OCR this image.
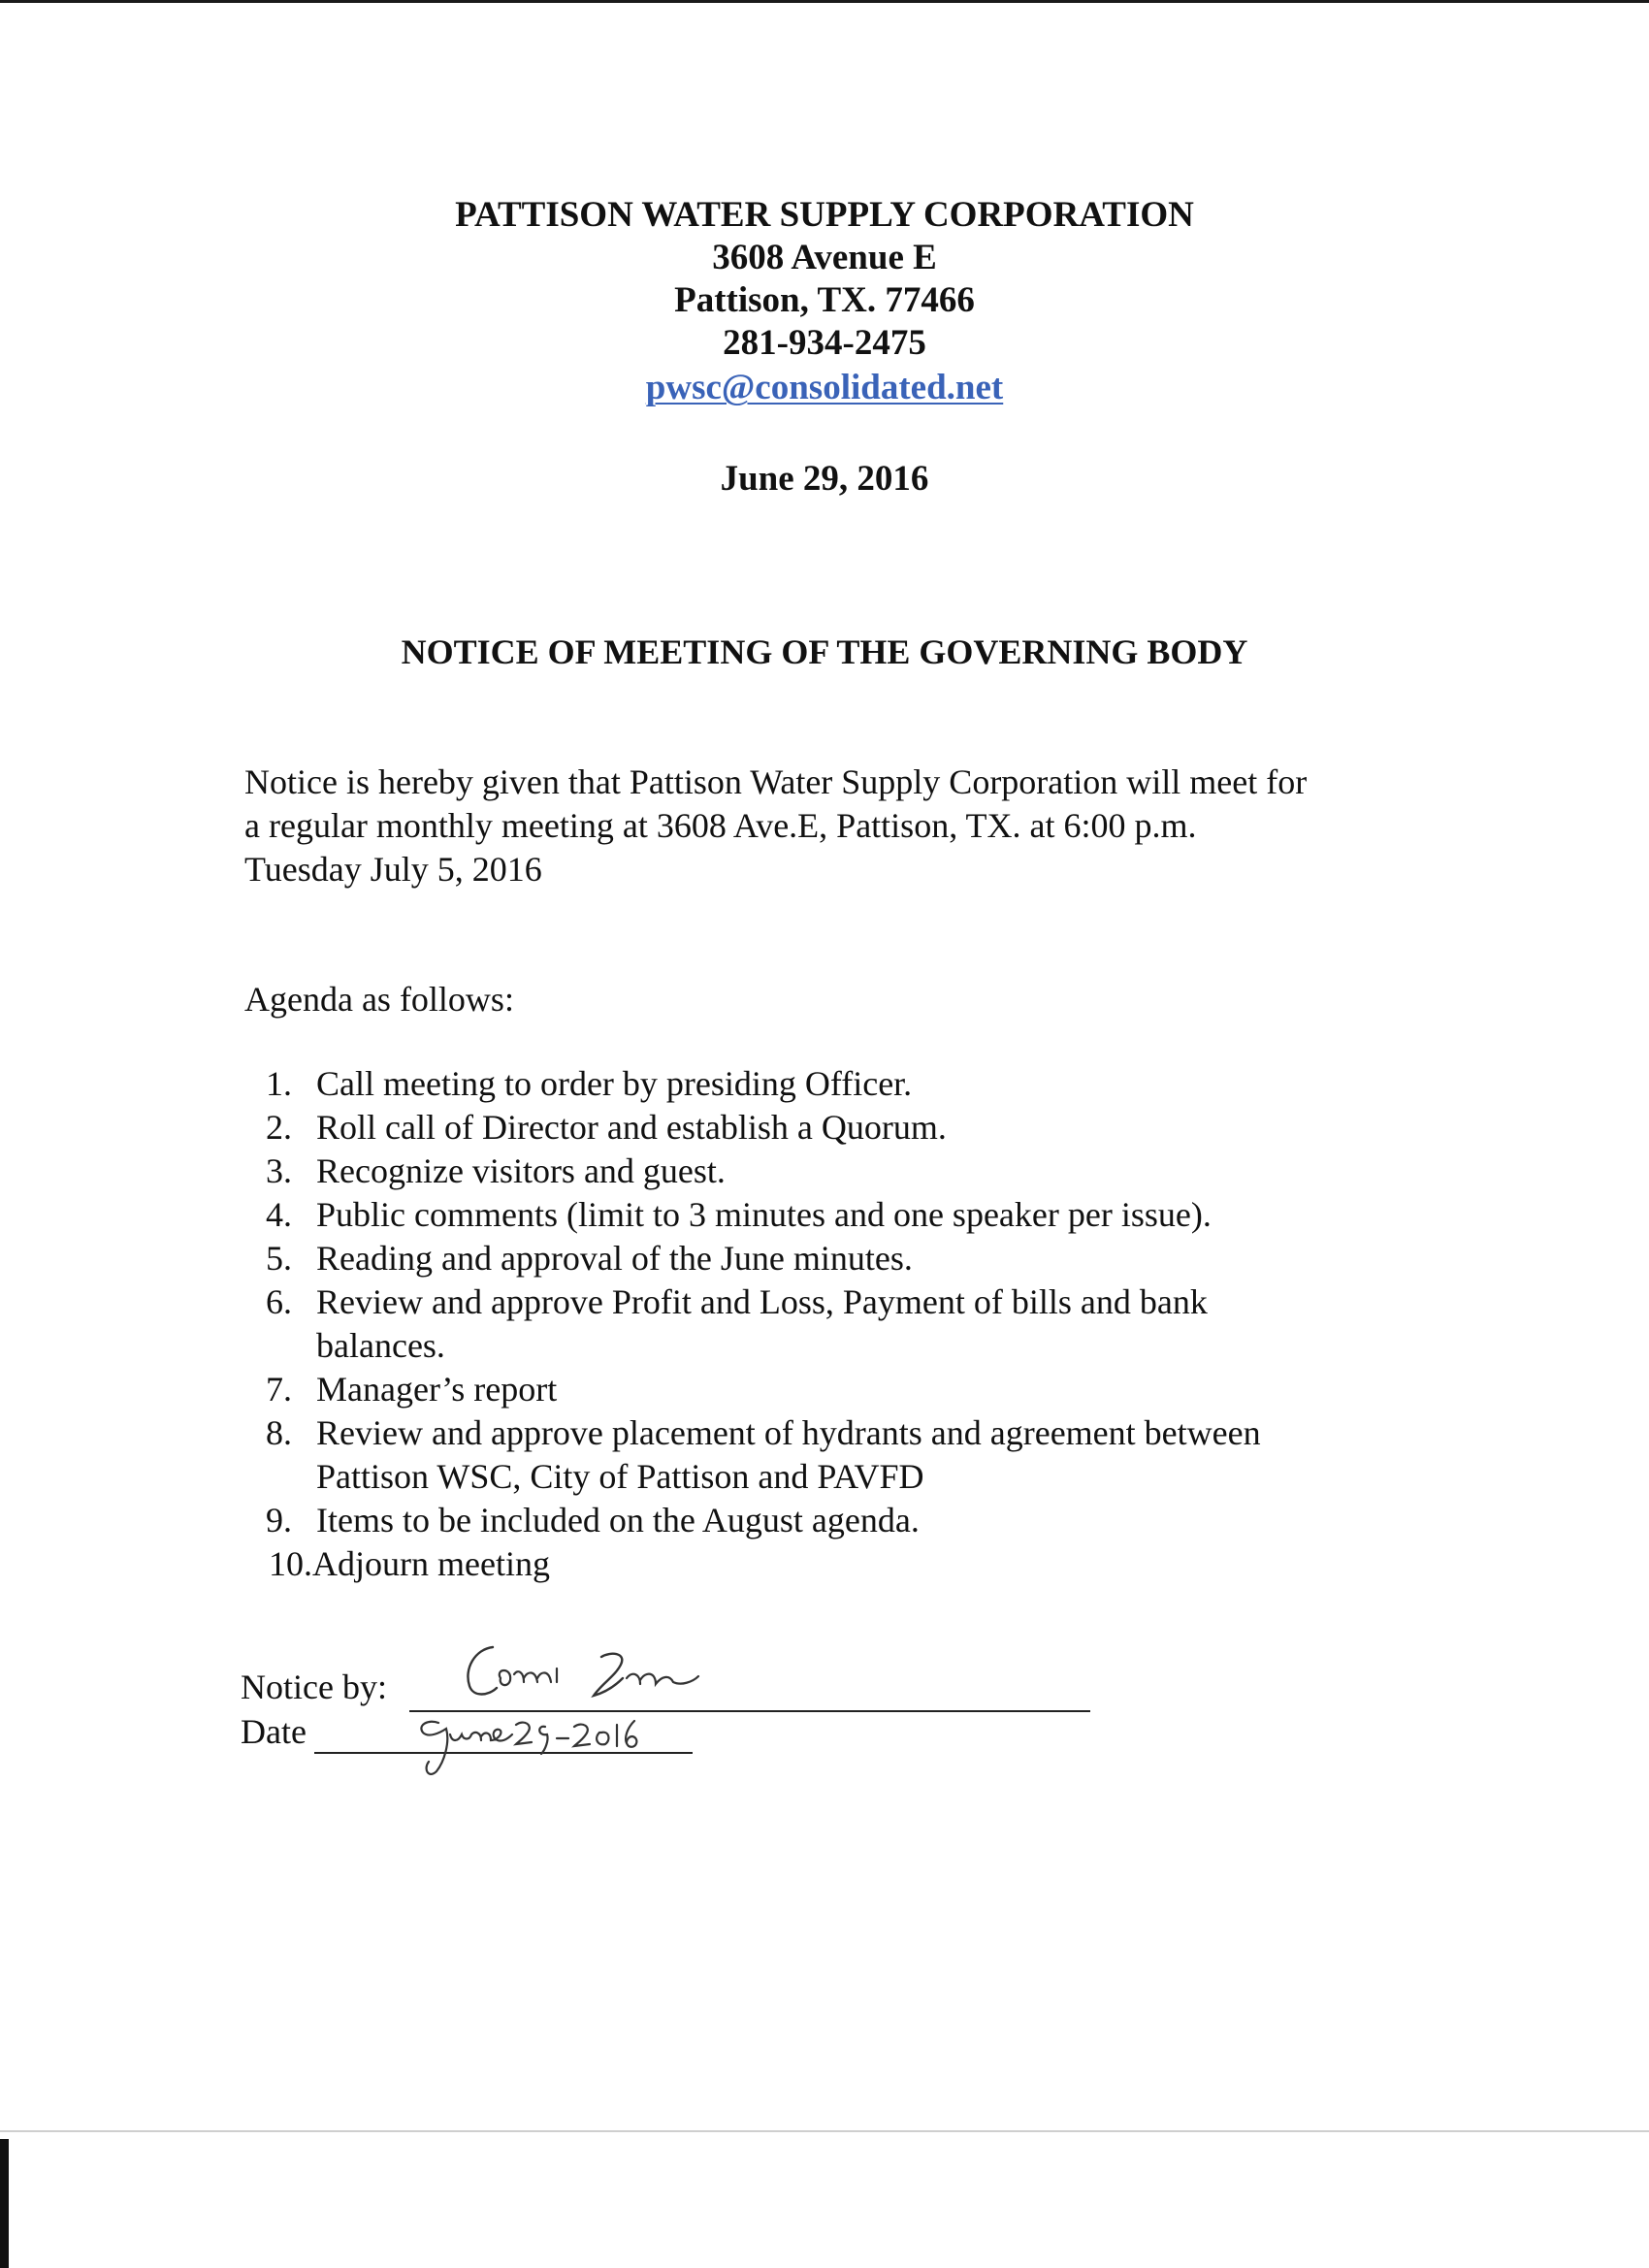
PATTISON WATER SUPPLY CORPORATION
3608 Avenue E
Pattison, TX. 77466
281-934-2475
pwsc@consolidated.net
June 29, 2016
NOTICE OF MEETING OF THE GOVERNING BODY
Notice is hereby given that Pattison Water Supply Corporation will meet for
a regular monthly meeting at 3608 Ave.E, Pattison, TX. at 6:00 p.m.
Tuesday July 5, 2016
Agenda as follows:
1. Call meeting to order by presiding Officer.
2. Roll call of Director and establish a Quorum.
3. Recognize visitors and guest.
4. Public comments (limit to 3 minutes and one speaker per issue).
5. Reading and approval of the June minutes.
6. Review and approve Profit and Loss, Payment of bills and bank
balances.
7. Manager’s report
8. Review and approve placement of hydrants and agreement between
Pattison WSC, City of Pattison and PAVFD
9. Items to be included on the August agenda.
10. Adjourn meeting
Notice by:
Date
